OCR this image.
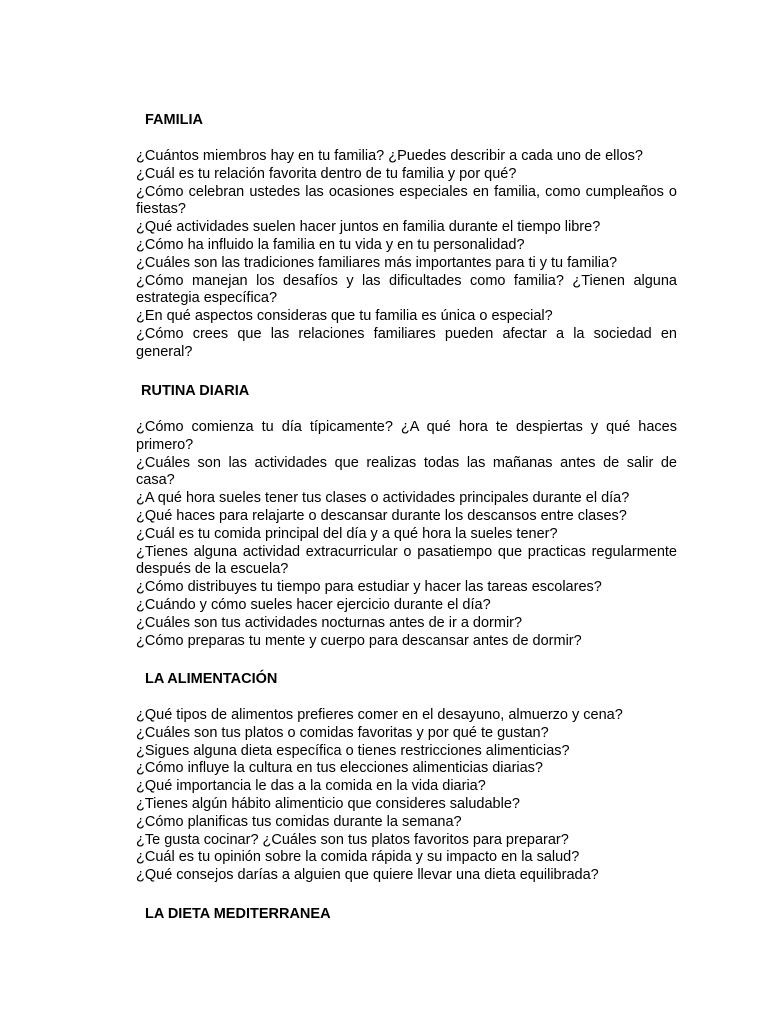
FAMILIA
¿Cuántos miembros hay en tu familia? ¿Puedes describir a cada uno de ellos?
¿Cuál es tu relación favorita dentro de tu familia y por qué?
¿Cómo celebran ustedes las ocasiones especiales en familia, como cumpleaños o fiestas?
¿Qué actividades suelen hacer juntos en familia durante el tiempo libre?
¿Cómo ha influido la familia en tu vida y en tu personalidad?
¿Cuáles son las tradiciones familiares más importantes para ti y tu familia?
¿Cómo manejan los desafíos y las dificultades como familia? ¿Tienen alguna estrategia específica?
¿En qué aspectos consideras que tu familia es única o especial?
¿Cómo crees que las relaciones familiares pueden afectar a la sociedad en general?
RUTINA DIARIA
¿Cómo comienza tu día típicamente? ¿A qué hora te despiertas y qué haces primero?
¿Cuáles son las actividades que realizas todas las mañanas antes de salir de casa?
¿A qué hora sueles tener tus clases o actividades principales durante el día?
¿Qué haces para relajarte o descansar durante los descansos entre clases?
¿Cuál es tu comida principal del día y a qué hora la sueles tener?
¿Tienes alguna actividad extracurricular o pasatiempo que practicas regularmente después de la escuela?
¿Cómo distribuyes tu tiempo para estudiar y hacer las tareas escolares?
¿Cuándo y cómo sueles hacer ejercicio durante el día?
¿Cuáles son tus actividades nocturnas antes de ir a dormir?
¿Cómo preparas tu mente y cuerpo para descansar antes de dormir?
LA ALIMENTACIÓN
¿Qué tipos de alimentos prefieres comer en el desayuno, almuerzo y cena?
¿Cuáles son tus platos o comidas favoritas y por qué te gustan?
¿Sigues alguna dieta específica o tienes restricciones alimenticias?
¿Cómo influye la cultura en tus elecciones alimenticias diarias?
¿Qué importancia le das a la comida en la vida diaria?
¿Tienes algún hábito alimenticio que consideres saludable?
¿Cómo planificas tus comidas durante la semana?
¿Te gusta cocinar? ¿Cuáles son tus platos favoritos para preparar?
¿Cuál es tu opinión sobre la comida rápida y su impacto en la salud?
¿Qué consejos darías a alguien que quiere llevar una dieta equilibrada?
LA DIETA MEDITERRANEA
